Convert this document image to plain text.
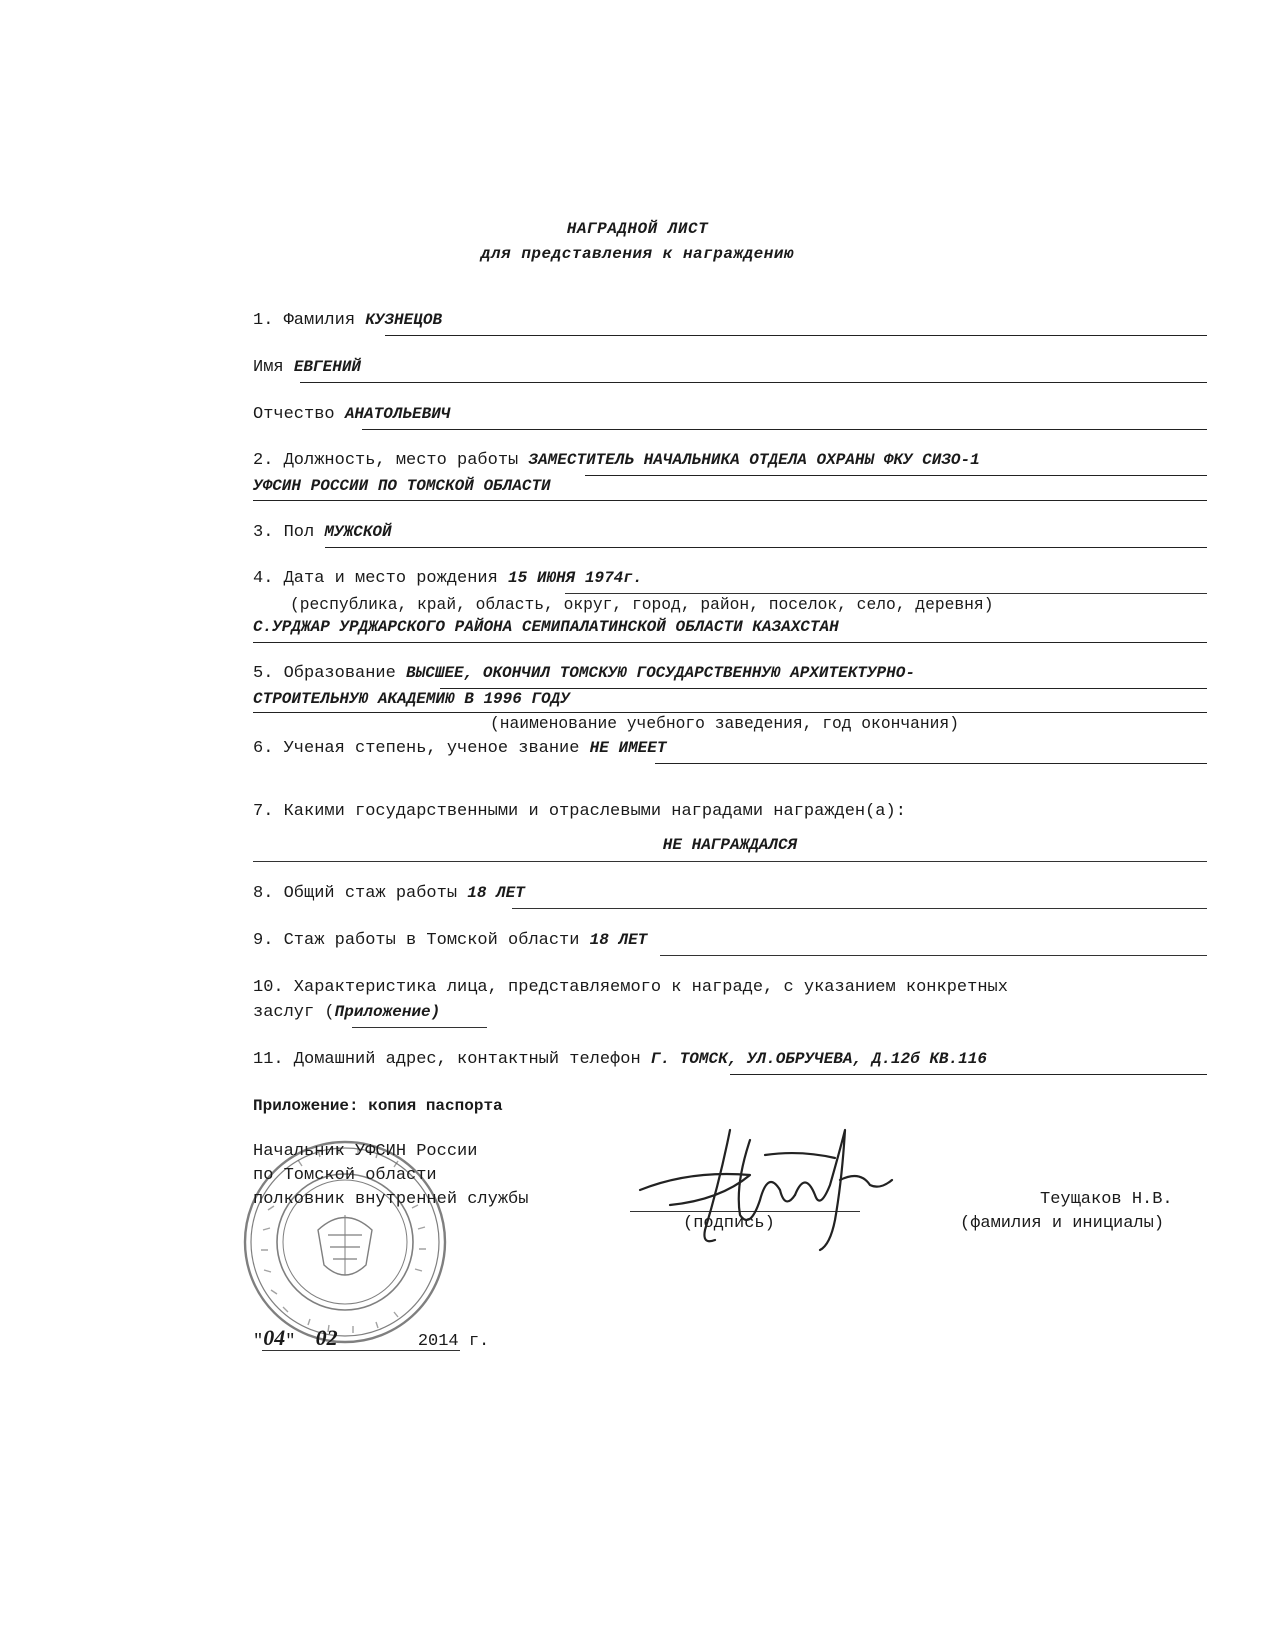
НАГРАДНОЙ ЛИСТ
для представления к награждению
1. Фамилия КУЗНЕЦОВ
Имя ЕВГЕНИЙ
Отчество АНАТОЛЬЕВИЧ
2. Должность, место работы ЗАМЕСТИТЕЛЬ НАЧАЛЬНИКА ОТДЕЛА ОХРАНЫ ФКУ СИЗО-1
УФСИН РОССИИ ПО ТОМСКОЙ ОБЛАСТИ
3. Пол МУЖСКОЙ
4. Дата и место рождения 15 ИЮНЯ 1974г.
(республика, край, область, округ, город, район, поселок, село, деревня)
С.УРДЖАР УРДЖАРСКОГО РАЙОНА СЕМИПАЛАТИНСКОЙ ОБЛАСТИ КАЗАХСТАН
5. Образование ВЫСШЕЕ, ОКОНЧИЛ ТОМСКУЮ ГОСУДАРСТВЕННУЮ АРХИТЕКТУРНО-
СТРОИТЕЛЬНУЮ АКАДЕМИЮ В 1996 ГОДУ
(наименование учебного заведения, год окончания)
6. Ученая степень, ученое звание НЕ ИМЕЕТ
7. Какими государственными и отраслевыми наградами награжден(а):
НЕ НАГРАЖДАЛСЯ
8. Общий стаж работы 18 ЛЕТ
9. Стаж работы в Томской области 18 ЛЕТ
10. Характеристика лица, представляемого к награде, с указанием конкретных
заслуг (Приложение)
11. Домашний адрес, контактный телефон Г. ТОМСК, УЛ.ОБРУЧЕВА, Д.12б КВ.116
Приложение: копия паспорта
Начальник УФСИН России
по Томской области
полковник внутренней службы
(подпись)
Теущаков Н.В.
(фамилия и инициалы)
"04" 02	2014 г.
